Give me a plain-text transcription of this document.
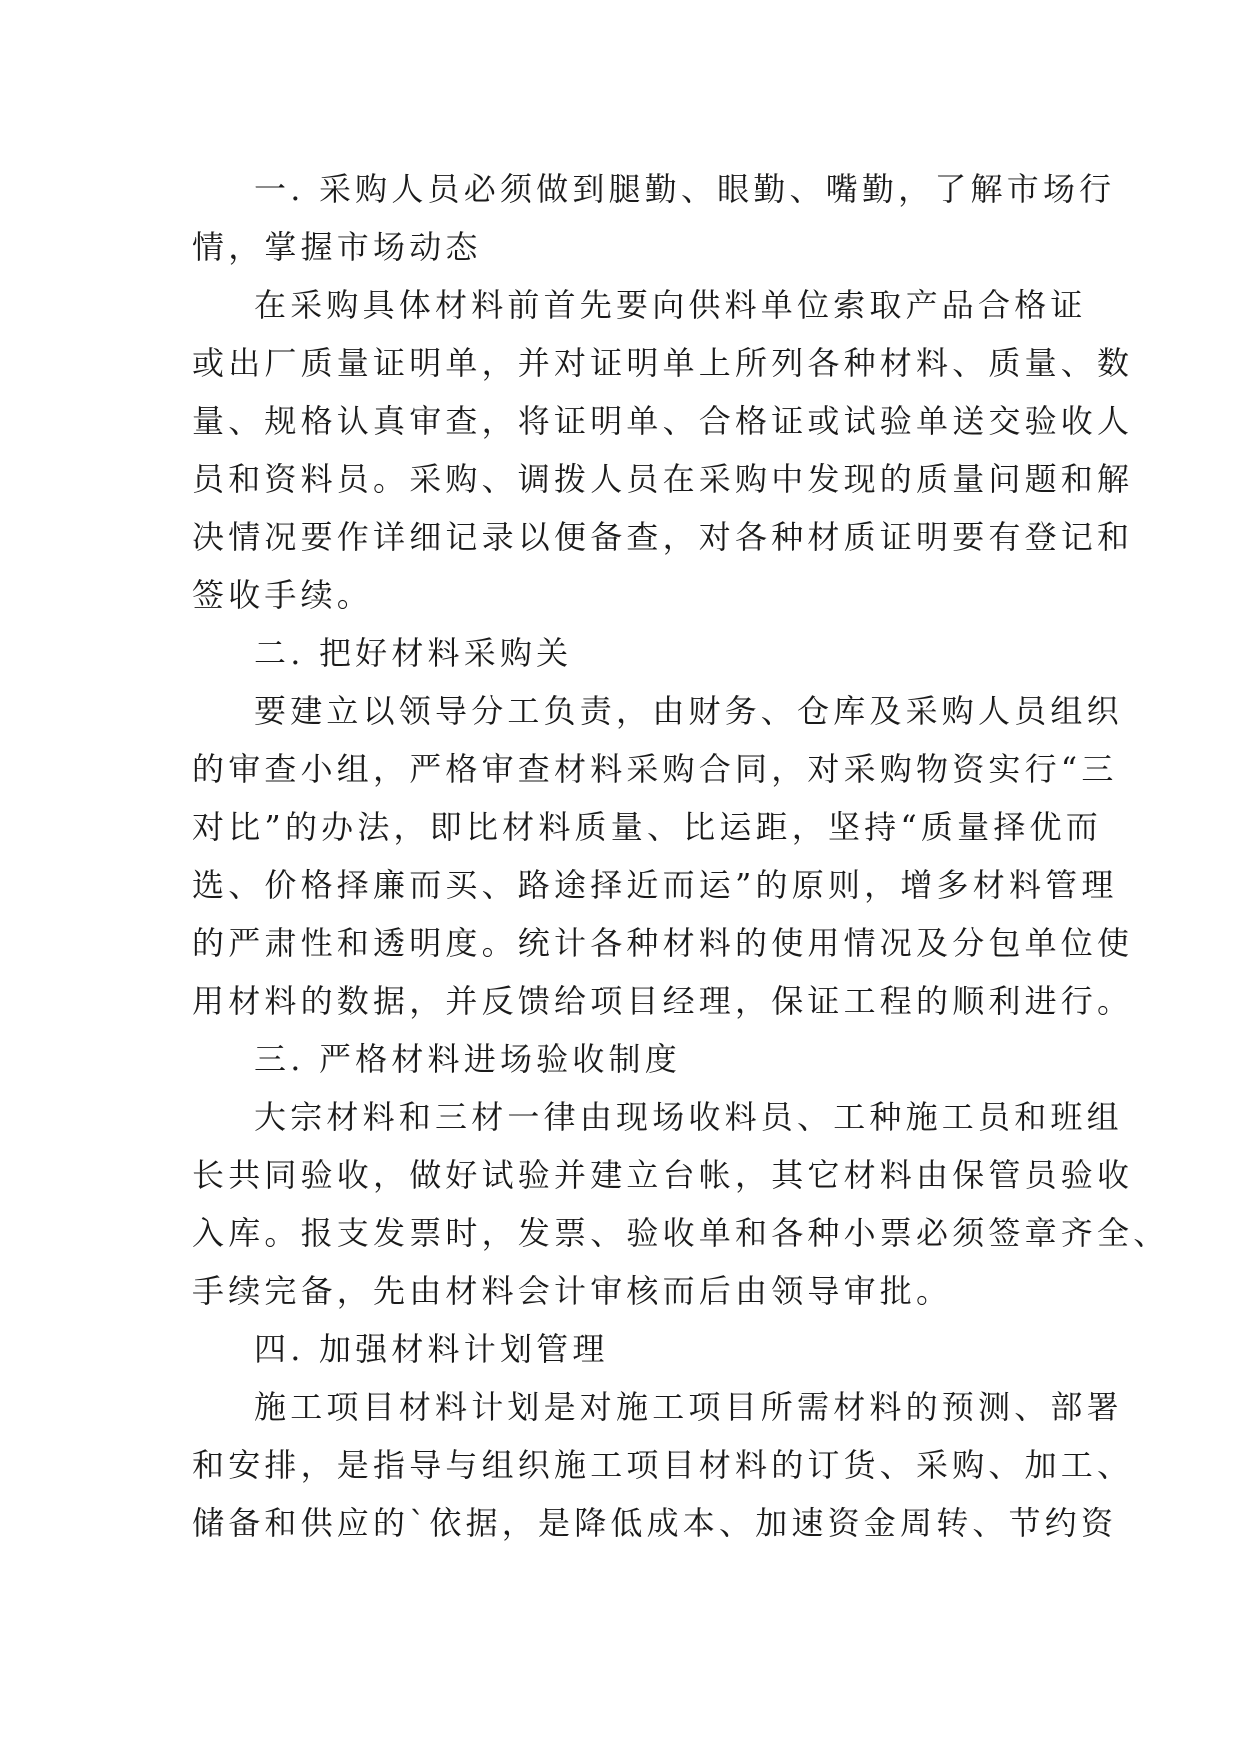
一. 采购人员必须做到腿勤、眼勤、嘴勤，了解市场行
情，掌握市场动态
在采购具体材料前首先要向供料单位索取产品合格证
或出厂质量证明单，并对证明单上所列各种材料、质量、数
量、规格认真审查，将证明单、合格证或试验单送交验收人
员和资料员。采购、调拨人员在采购中发现的质量问题和解
决情况要作详细记录以便备查，对各种材质证明要有登记和
签收手续。
二. 把好材料采购关
要建立以领导分工负责，由财务、仓库及采购人员组织
的审查小组，严格审查材料采购合同，对采购物资实行“三
对比”的办法，即比材料质量、比运距，坚持“质量择优而
选、价格择廉而买、路途择近而运”的原则，增多材料管理
的严肃性和透明度。统计各种材料的使用情况及分包单位使
用材料的数据，并反馈给项目经理，保证工程的顺利进行。
三. 严格材料进场验收制度
大宗材料和三材一律由现场收料员、工种施工员和班组
长共同验收，做好试验并建立台帐，其它材料由保管员验收
入库。报支发票时，发票、验收单和各种小票必须签章齐全、
手续完备，先由材料会计审核而后由领导审批。
四. 加强材料计划管理
施工项目材料计划是对施工项目所需材料的预测、部署
和安排，是指导与组织施工项目材料的订货、采购、加工、
储备和供应的`依据，是降低成本、加速资金周转、节约资
